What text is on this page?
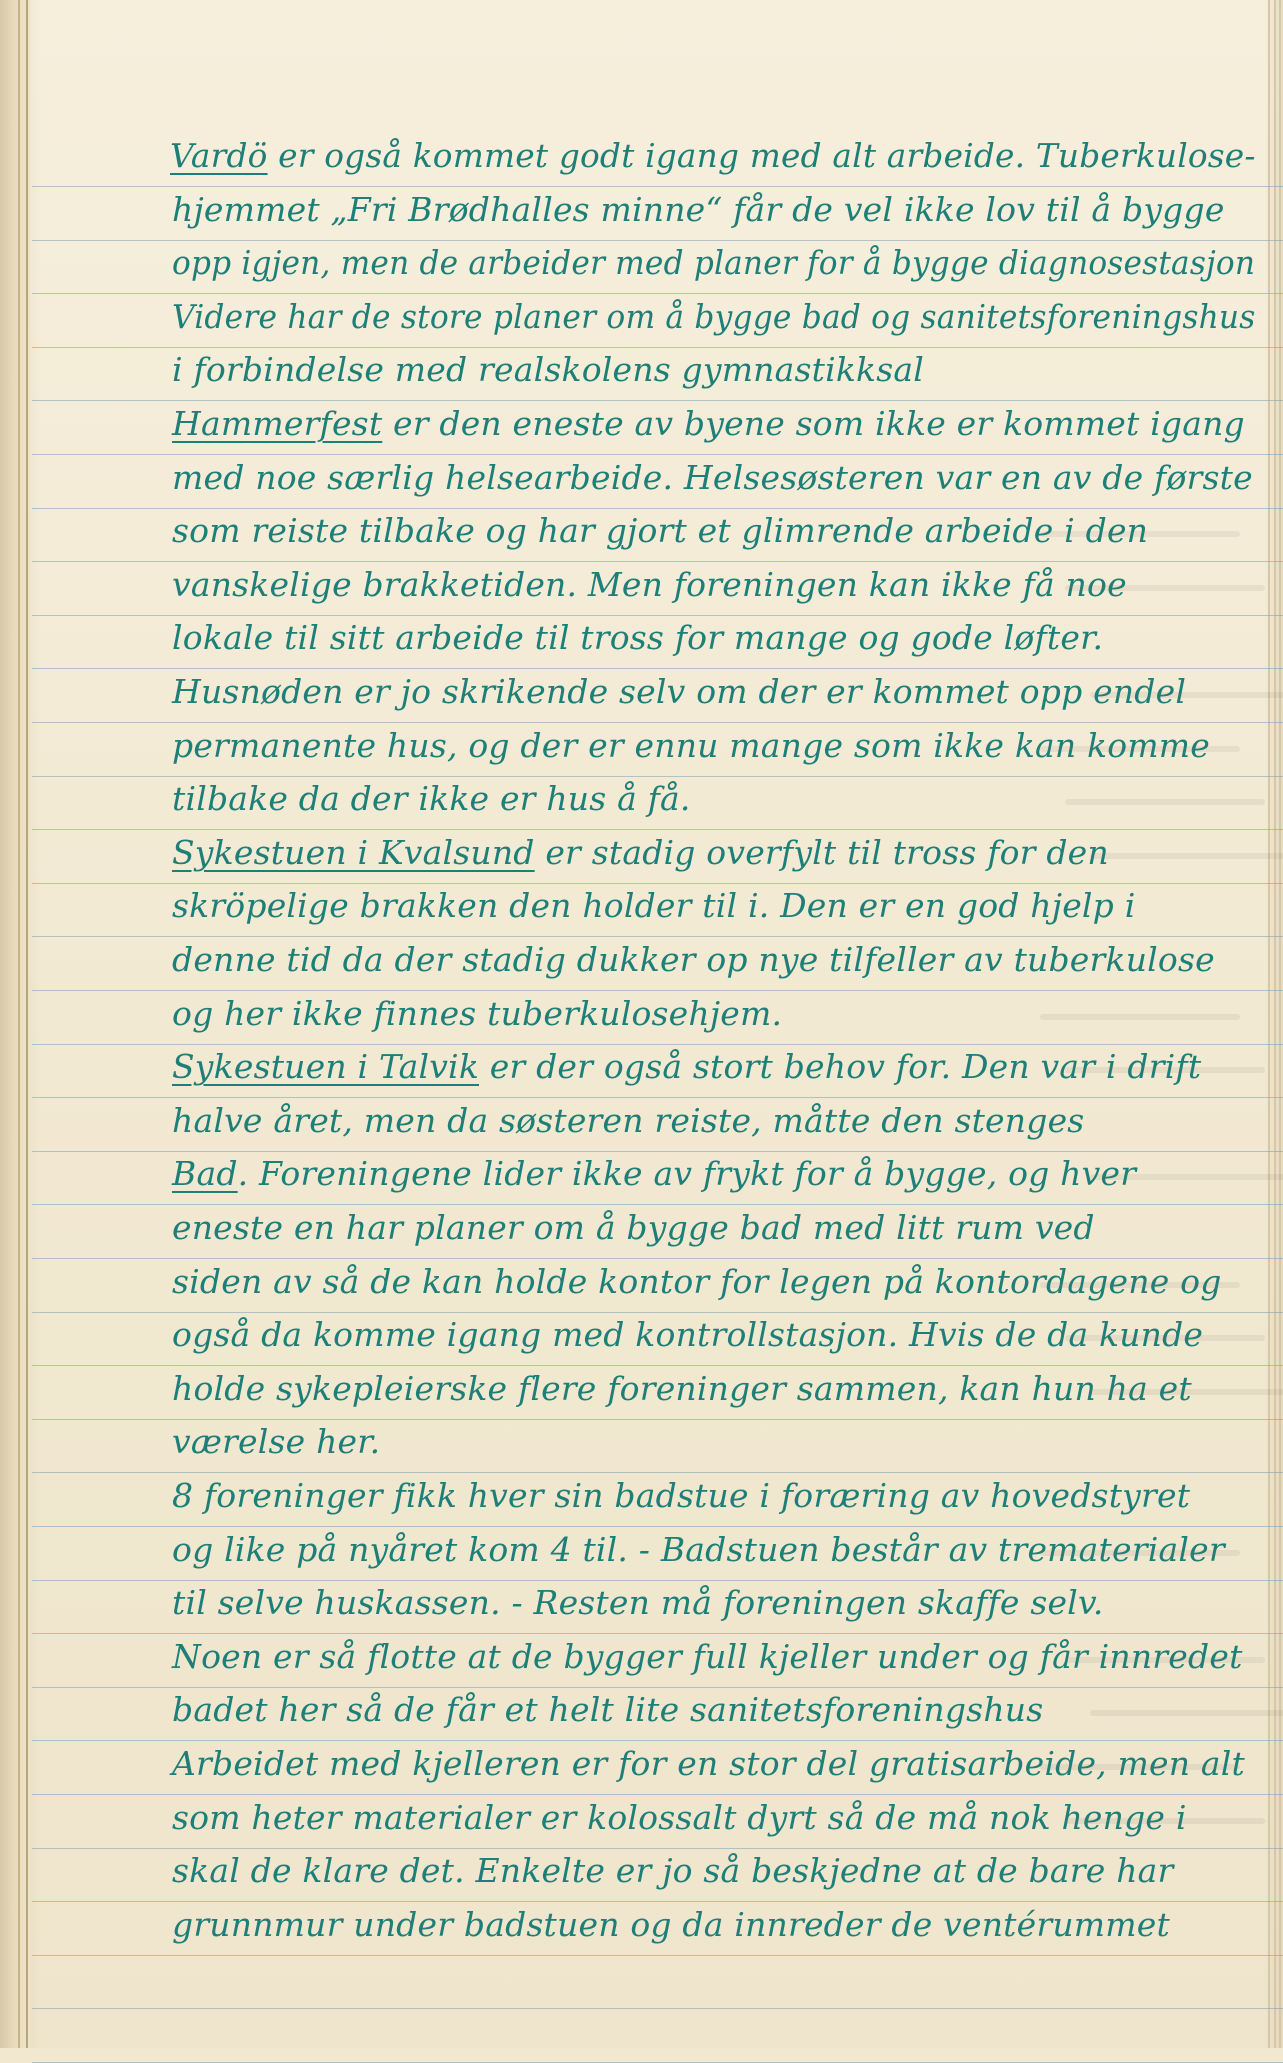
Vardö er også kommet godt igang med alt arbeide. Tuberkulose-
hjemmet „Fri Brødhalles minne“ får de vel ikke lov til å bygge
opp igjen, men de arbeider med planer for å bygge diagnosestasjon
Videre har de store planer om å bygge bad og sanitetsforeningshus
i forbindelse med realskolens gymnastikksal
Hammerfest er den eneste av byene som ikke er kommet igang
med noe særlig helsearbeide. Helsesøsteren var en av de første
som reiste tilbake og har gjort et glimrende arbeide i den
vanskelige brakketiden. Men foreningen kan ikke få noe
lokale til sitt arbeide til tross for mange og gode løfter.
Husnøden er jo skrikende selv om der er kommet opp endel
permanente hus, og der er ennu mange som ikke kan komme
tilbake da der ikke er hus å få.
Sykestuen i Kvalsund er stadig overfylt til tross for den
skröpelige brakken den holder til i. Den er en god hjelp i
denne tid da der stadig dukker op nye tilfeller av tuberkulose
og her ikke finnes tuberkulosehjem.
Sykestuen i Talvik er der også stort behov for. Den var i drift
halve året, men da søsteren reiste, måtte den stenges
Bad. Foreningene lider ikke av frykt for å bygge, og hver
eneste en har planer om å bygge bad med litt rum ved
siden av så de kan holde kontor for legen på kontordagene og
også da komme igang med kontrollstasjon. Hvis de da kunde
holde sykepleierske flere foreninger sammen, kan hun ha et
værelse her.
8 foreninger fikk hver sin badstue i foræring av hovedstyret
og like på nyåret kom 4 til. - Badstuen består av trematerialer
til selve huskassen. - Resten må foreningen skaffe selv.
Noen er så flotte at de bygger full kjeller under og får innredet
badet her så de får et helt lite sanitetsforeningshus
Arbeidet med kjelleren er for en stor del gratisarbeide, men alt
som heter materialer er kolossalt dyrt så de må nok henge i
skal de klare det. Enkelte er jo så beskjedne at de bare har
grunnmur under badstuen og da innreder de ventérummet
